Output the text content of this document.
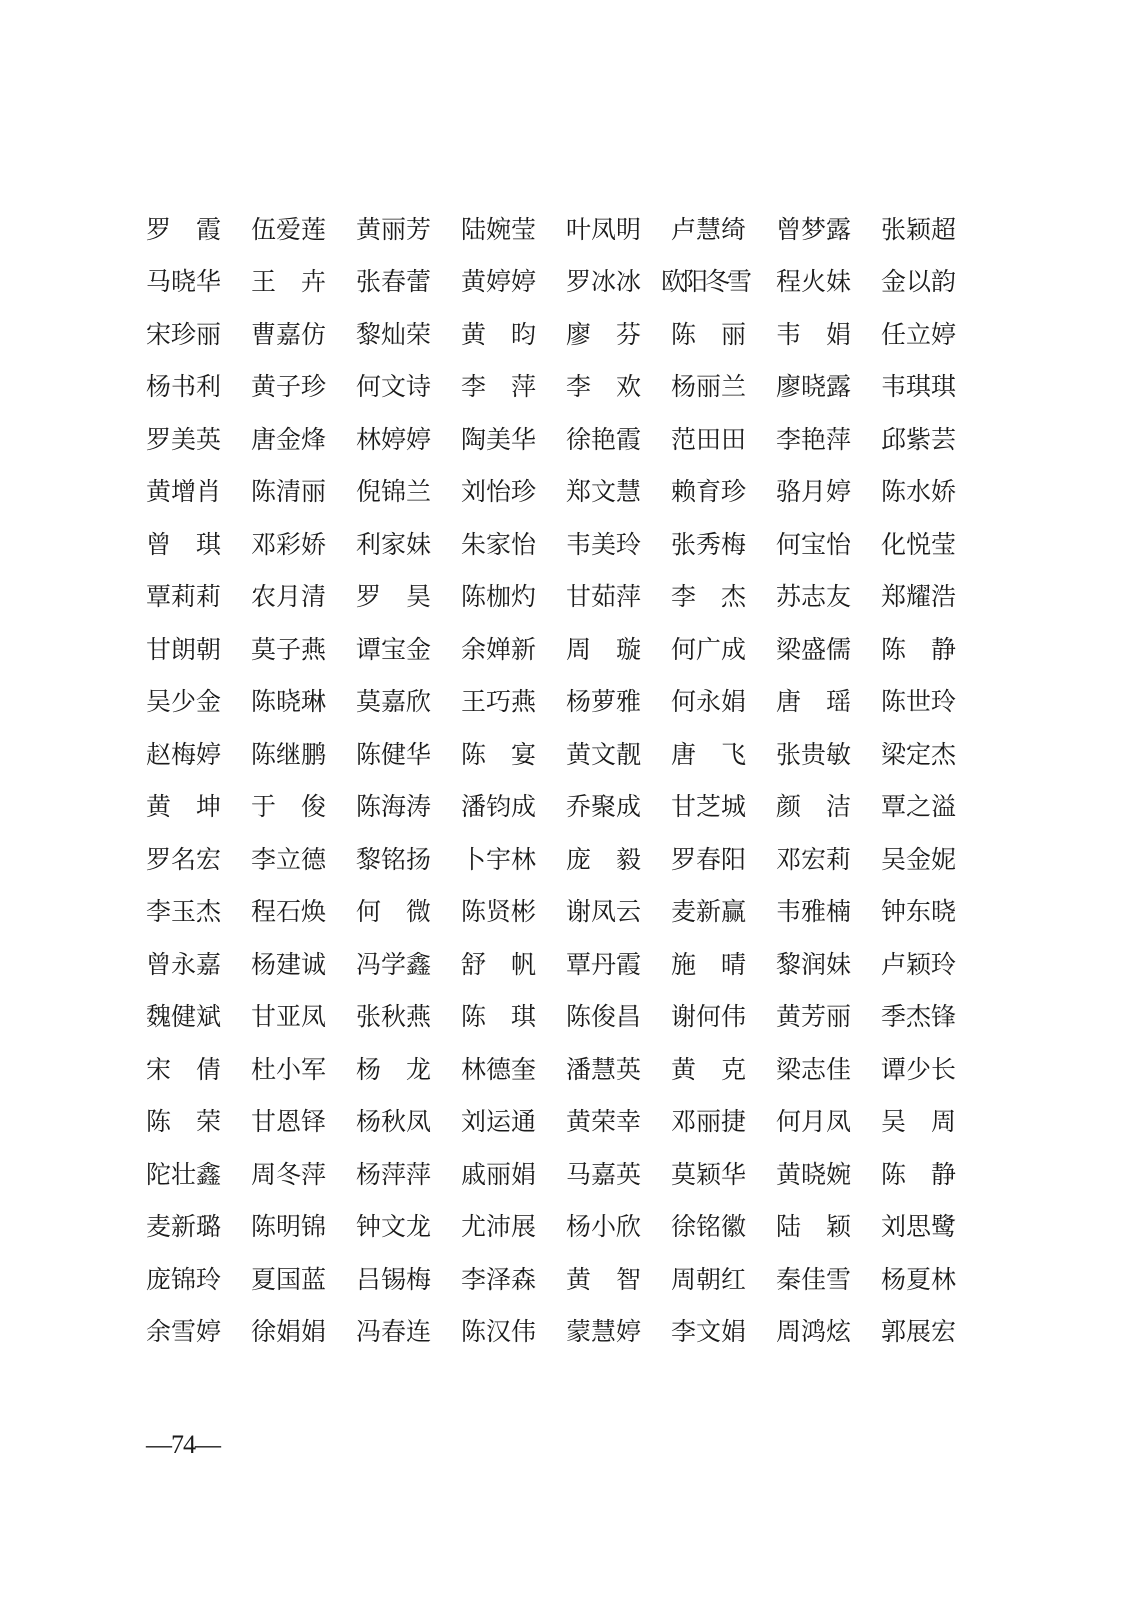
罗　霞	伍爱莲	黄丽芳	陆婉莹	叶凤明	卢慧绮	曾梦露	张颖超
马晓华	王　卉	张春蕾	黄婷婷	罗冰冰 欧阳冬雪	程火妹	金以韵
宋珍丽	曹嘉仿	黎灿荣	黄　昀	廖　芬	陈　丽	韦　娟	任立婷
杨书利	黄子珍	何文诗	李　萍	李　欢	杨丽兰	廖晓露	韦琪琪
罗美英	唐金烽	林婷婷	陶美华	徐艳霞	范田田	李艳萍	邱紫芸
黄增肖	陈清丽	倪锦兰	刘怡珍	郑文慧	赖育珍	骆月婷	陈水娇
曾　琪	邓彩娇	利家妹	朱家怡	韦美玲	张秀梅	何宝怡	化悦莹
覃莉莉	农月清	罗　昊	陈枷灼	甘茹萍	李　杰	苏志友	郑耀浩
甘朗朝	莫子燕	谭宝金	余婵新	周　璇	何广成	梁盛儒	陈　静
吴少金	陈晓琳	莫嘉欣	王巧燕	杨萝雅	何永娟	唐　瑶	陈世玲
赵梅婷	陈继鹏	陈健华	陈　宴	黄文靓	唐　飞	张贵敏	梁定杰
黄　坤	于　俊	陈海涛	潘钧成	乔聚成	甘芝城	颜　洁	覃之溢
罗名宏	李立德	黎铭扬	卜宇林	庞　毅	罗春阳	邓宏莉	吴金妮
李玉杰	程石焕	何　微	陈贤彬	谢凤云	麦新赢	韦雅楠	钟东晓
曾永嘉	杨建诚	冯学鑫	舒　帆	覃丹霞	施　晴	黎润妹	卢颖玲
魏健斌	甘亚凤	张秋燕	陈　琪	陈俊昌	谢何伟	黄芳丽	季杰锋
宋　倩	杜小军	杨　龙	林德奎	潘慧英	黄　克	梁志佳	谭少长
陈　荣	甘恩铎	杨秋凤	刘运通	黄荣幸	邓丽捷	何月凤	吴　周
陀壮鑫	周冬萍	杨萍萍	戚丽娟	马嘉英	莫颖华	黄晓婉	陈　静
麦新璐	陈明锦	钟文龙	尤沛展	杨小欣	徐铭徽	陆　颖	刘思鹭
庞锦玲	夏国蓝	吕锡梅	李泽森	黄　智	周朝红	秦佳雪	杨夏林
余雪婷	徐娟娟	冯春连	陈汉伟	蒙慧婷	李文娟	周鸿炫	郭展宏
—74—
